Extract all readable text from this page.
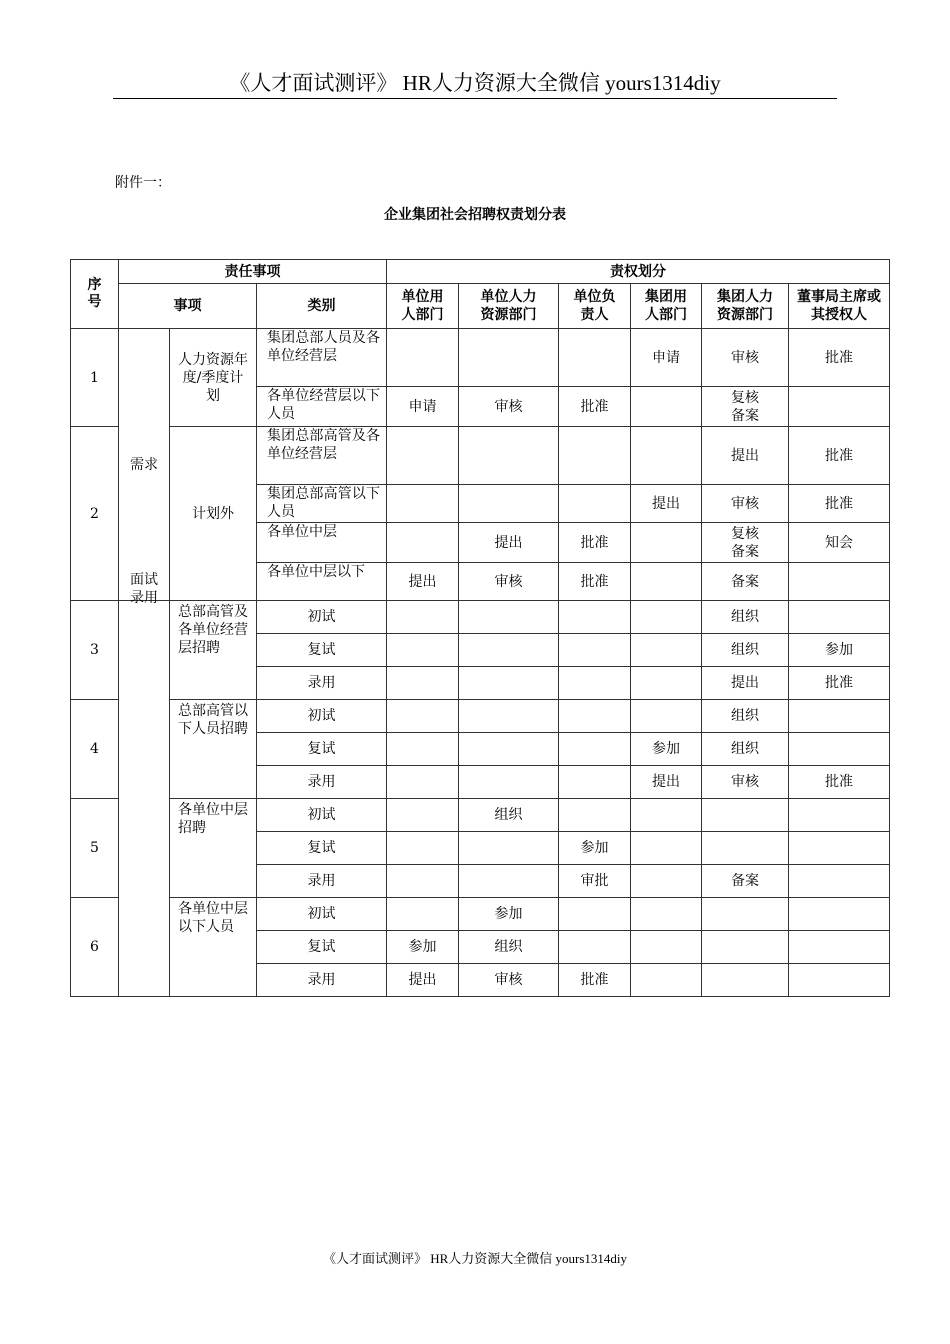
《人才面试测评》 HR人力资源大全微信 yours1314diy
附件一：
企业集团社会招聘权责划分表
序号	责任事项			责权划分					
	事项		类别	单位用人部门	单位人力资源部门	单位负责人	集团用人部门	集团人力资源部门	董事局主席或其授权人

1	需求	人力资源年度/季度计划	集团总部人员及各单位经营层				申请	审核	批准

			各单位经营层以下人员	申请	审核	批准		复核备案	

2		计划外	集团总部高管及各单位经营层					提出	批准

			集团总部高管以下人员				提出	审核	批准

			各单位中层		提出	批准		复核备案	知会

			各单位中层以下	提出	审核	批准		备案	
3	面试录用	总部高管及各单位经营层招聘	初试					组织	
			复试					组织	参加
			录用					提出	批准
4		总部高管以下人员招聘	初试					组织	
			复试				参加	组织	
			录用				提出	审核	批准
5		各单位中层招聘	初试		组织				
			复试			参加			
			录用			审批		备案	
6		各单位中层以下人员	初试		参加				
			复试	参加	组织				
			录用	提出	审核	批准			
《人才面试测评》 HR人力资源大全微信 yours1314diy
